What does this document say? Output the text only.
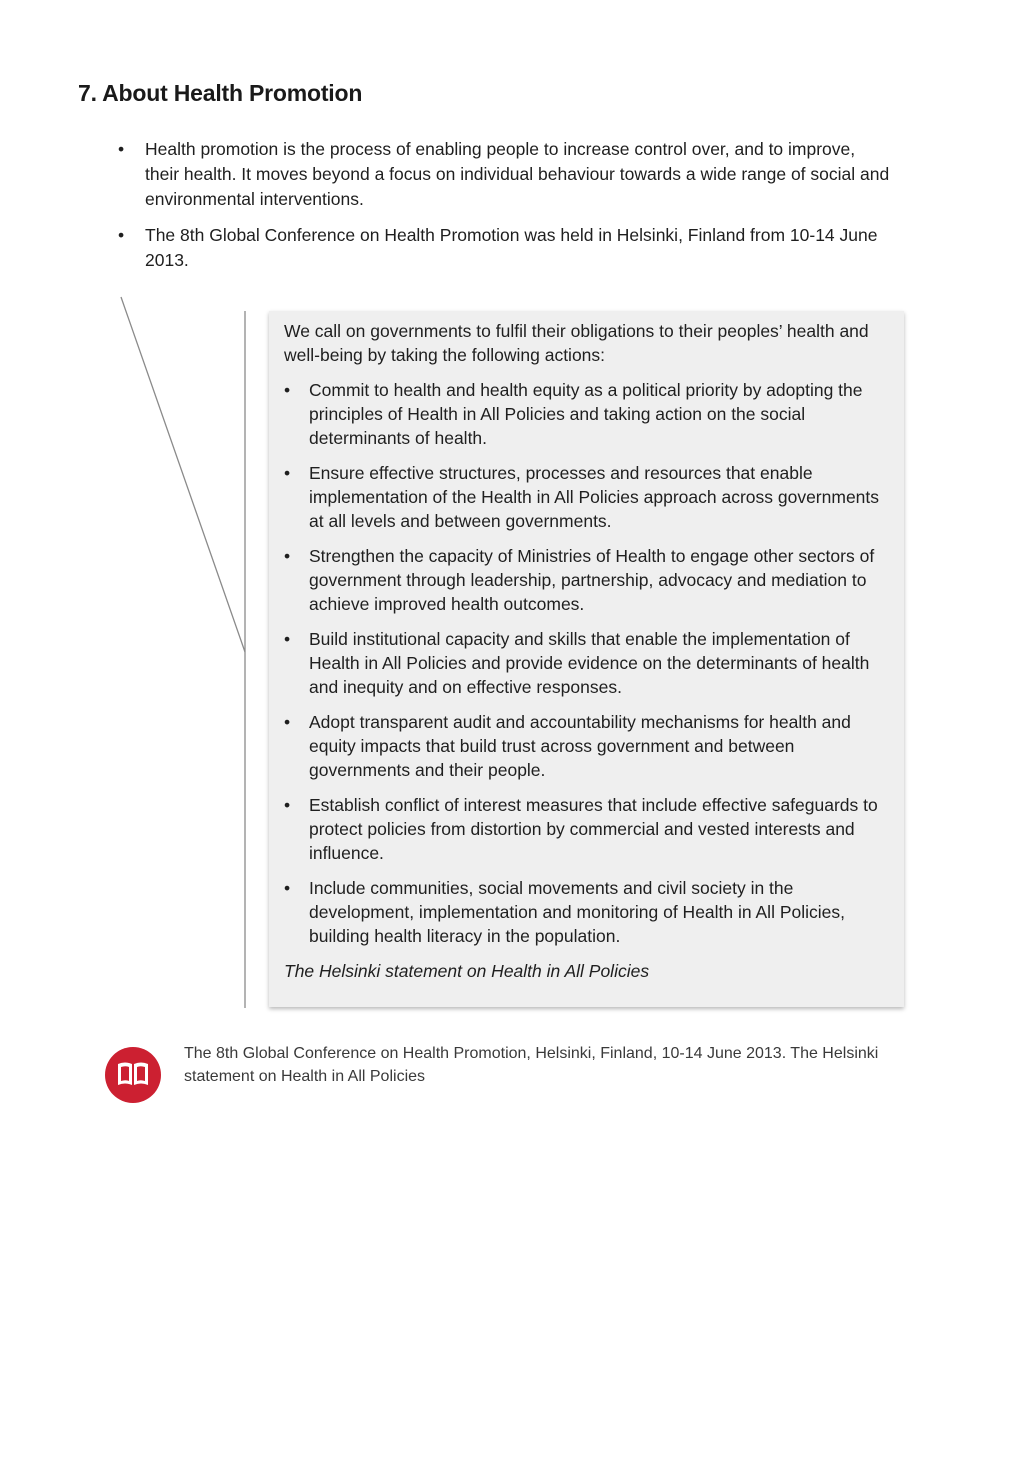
7. About Health Promotion
• Health promotion is the process of enabling people to increase control over, and to improve, their health. It moves beyond a focus on individual behaviour towards a wide range of social and environmental interventions.
• The 8th Global Conference on Health Promotion was held in Helsinki, Finland from 10-14 June 2013.

We call on governments to fulfil their obligations to their peoples’ health and well-being by taking the following actions:

• Commit to health and health equity as a political priority by adopting the principles of Health in All Policies and taking action on the social determinants of health.
• Ensure effective structures, processes and resources that enable implementation of the Health in All Policies approach across governments at all levels and between governments.
• Strengthen the capacity of Ministries of Health to engage other sectors of government through leadership, partnership, advocacy and mediation to achieve improved health outcomes.
• Build institutional capacity and skills that enable the implementation of Health in All Policies and provide evidence on the determinants of health and inequity and on effective responses.
• Adopt transparent audit and accountability mechanisms for health and equity impacts that build trust across government and between governments and their people.
• Establish conflict of interest measures that include effective safeguards to protect policies from distortion by commercial and vested interests and influence.
• Include communities, social movements and civil society in the development, implementation and monitoring of Health in All Policies, building health literacy in the population.

The Helsinki statement on Health in All Policies

The 8th Global Conference on Health Promotion, Helsinki, Finland, 10-14 June 2013. The Helsinki statement on Health in All Policies
